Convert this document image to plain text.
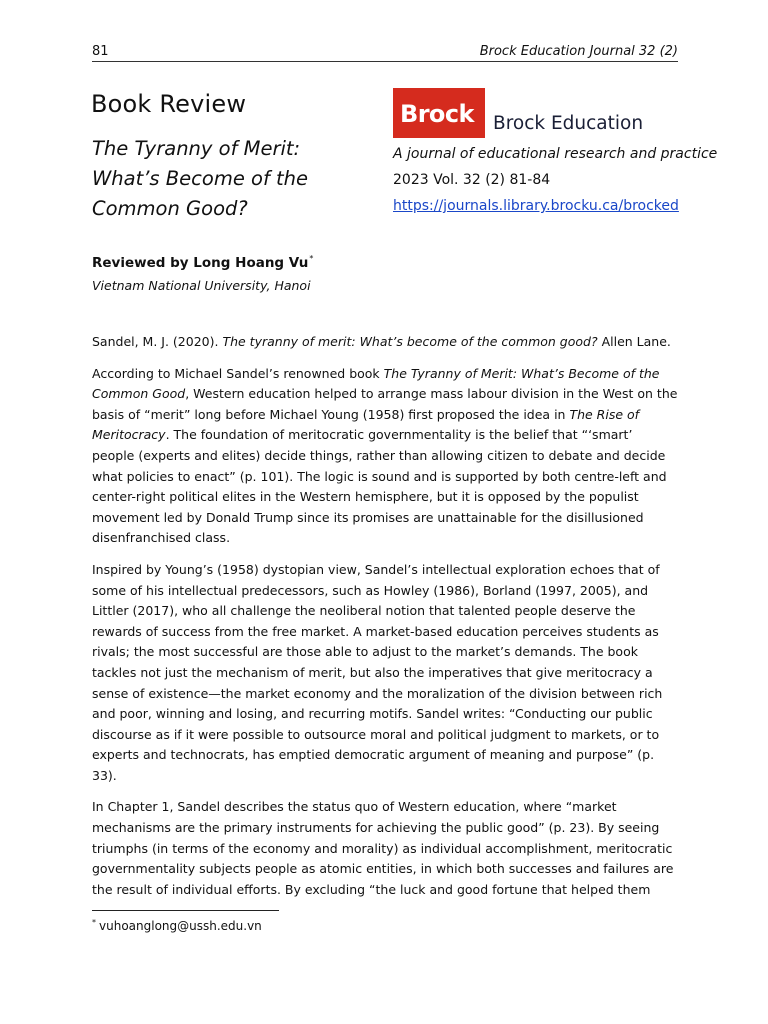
81	Brock Education Journal 32 (2)
Book Review
The Tyranny of Merit:
What’s Become of the
Common Good?
Brock Brock Education
A journal of educational research and practice
2023 Vol. 32 (2) 81-84
https://journals.library.brocku.ca/brocked
Reviewed by Long Hoang Vu*
Vietnam National University, Hanoi

Sandel, M. J. (2020). The tyranny of merit: What’s become of the common good? Allen Lane.

According to Michael Sandel’s renowned book The Tyranny of Merit: What’s Become of the Common Good, Western education helped to arrange mass labour division in the West on the basis of “merit” long before Michael Young (1958) first proposed the idea in The Rise of Meritocracy. The foundation of meritocratic governmentality is the belief that “‘smart’ people (experts and elites) decide things, rather than allowing citizen to debate and decide what policies to enact” (p. 101). The logic is sound and is supported by both centre-left and center-right political elites in the Western hemisphere, but it is opposed by the populist movement led by Donald Trump since its promises are unattainable for the disillusioned disenfranchised class.

Inspired by Young’s (1958) dystopian view, Sandel’s intellectual exploration echoes that of some of his intellectual predecessors, such as Howley (1986), Borland (1997, 2005), and Littler (2017), who all challenge the neoliberal notion that talented people deserve the rewards of success from the free market. A market-based education perceives students as rivals; the most successful are those able to adjust to the market’s demands. The book tackles not just the mechanism of merit, but also the imperatives that give meritocracy a sense of existence—the market economy and the moralization of the division between rich and poor, winning and losing, and recurring motifs. Sandel writes: “Conducting our public discourse as if it were possible to outsource moral and political judgment to markets, or to experts and technocrats, has emptied democratic argument of meaning and purpose” (p. 33).

In Chapter 1, Sandel describes the status quo of Western education, where “market mechanisms are the primary instruments for achieving the public good” (p. 23). By seeing triumphs (in terms of the economy and morality) as individual accomplishment, meritocratic governmentality subjects people as atomic entities, in which both successes and failures are the result of individual efforts. By excluding “the luck and good fortune that helped them

* vuhoanglong@ussh.edu.vn
